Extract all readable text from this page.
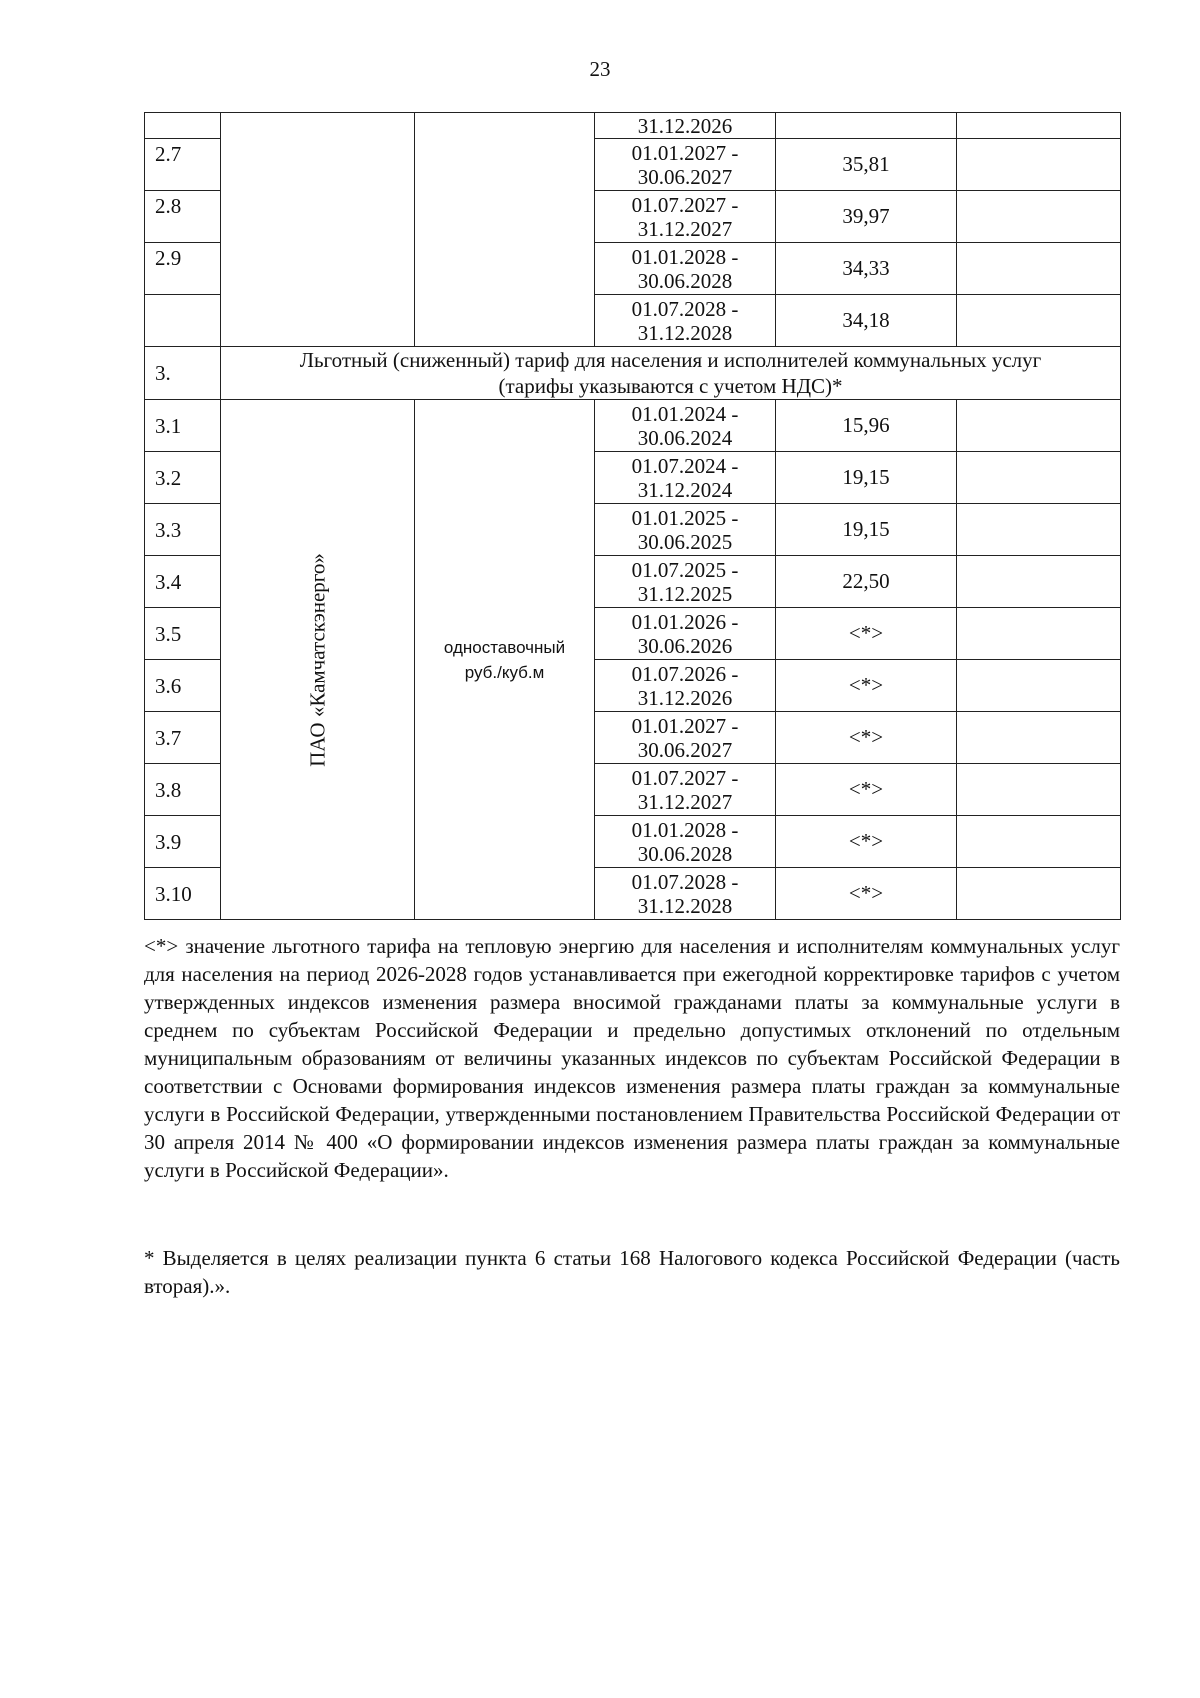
23
			31.12.2026		
2.7			01.01.2027 -
30.06.2027	35,81	
2.8			01.07.2027 -
31.12.2027	39,97	
2.9			01.01.2028 -
30.06.2028	34,33	
			01.07.2028 -
31.12.2028	34,18	
3.	Льготный (сниженный) тариф для населения и исполнителей коммунальных услуг
(тарифы указываются с учетом НДС)*				
3.1	ПАО «Камчатскэнерго»	одноставочный
руб./куб.м	01.01.2024 -
30.06.2024	15,96	
3.2			01.07.2024 -
31.12.2024	19,15	
3.3			01.01.2025 -
30.06.2025	19,15	
3.4			01.07.2025 -
31.12.2025	22,50	
3.5			01.01.2026 -
30.06.2026	<*>	
3.6			01.07.2026 -
31.12.2026	<*>	
3.7			01.01.2027 -
30.06.2027	<*>	
3.8			01.07.2027 -
31.12.2027	<*>	
3.9			01.01.2028 -
30.06.2028	<*>	
3.10			01.07.2028 -
31.12.2028	<*>	

<*> значение льготного тарифа на тепловую энергию для населения и исполнителям коммунальных услуг для населения на период 2026-2028 годов устанавливается при ежегодной корректировке тарифов с учетом утвержденных индексов изменения размера вносимой гражданами платы за коммунальные услуги в среднем по субъектам Российской Федерации и предельно допустимых отклонений по отдельным муниципальным образованиям от величины указанных индексов по субъектам Российской Федерации в соответствии с Основами формирования индексов изменения размера платы граждан за коммунальные услуги в Российской Федерации, утвержденными постановлением Правительства Российской Федерации от 30 апреля 2014 № 400 «О формировании индексов изменения размера платы граждан за коммунальные услуги в Российской Федерации».

* Выделяется в целях реализации пункта 6 статьи 168 Налогового кодекса Российской Федерации (часть вторая).».
